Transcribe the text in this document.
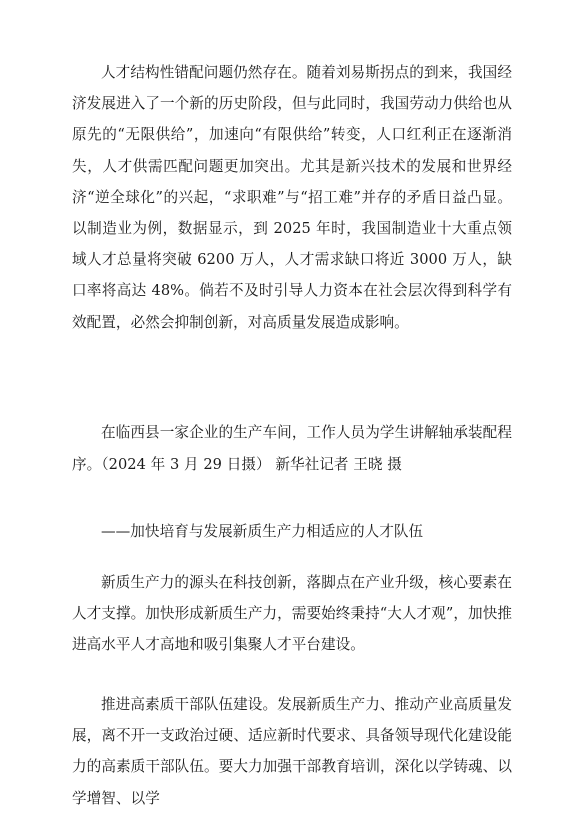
人才结构性错配问题仍然存在。随着刘易斯拐点的到来，我国经济发展进入了一个新的历史阶段，但与此同时，我国劳动力供给也从原先的“无限供给”，加速向“有限供给”转变，人口红利正在逐渐消失，人才供需匹配问题更加突出。尤其是新兴技术的发展和世界经济“逆全球化”的兴起，“求职难”与“招工难”并存的矛盾日益凸显。以制造业为例，数据显示，到 2025 年时，我国制造业十大重点领域人才总量将突破 6200 万人，人才需求缺口将近 3000 万人，缺口率将高达 48%。倘若不及时引导人力资本在社会层次得到科学有效配置，必然会抑制创新，对高质量发展造成影响。

在临西县一家企业的生产车间，工作人员为学生讲解轴承装配程序。（2024 年 3 月 29 日摄） 新华社记者 王晓 摄

——加快培育与发展新质生产力相适应的人才队伍

新质生产力的源头在科技创新，落脚点在产业升级，核心要素在人才支撑。加快形成新质生产力，需要始终秉持“大人才观”，加快推进高水平人才高地和吸引集聚人才平台建设。

推进高素质干部队伍建设。发展新质生产力、推动产业高质量发展，离不开一支政治过硬、适应新时代要求、具备领导现代化建设能力的高素质干部队伍。要大力加强干部教育培训，深化以学铸魂、以学增智、以学
